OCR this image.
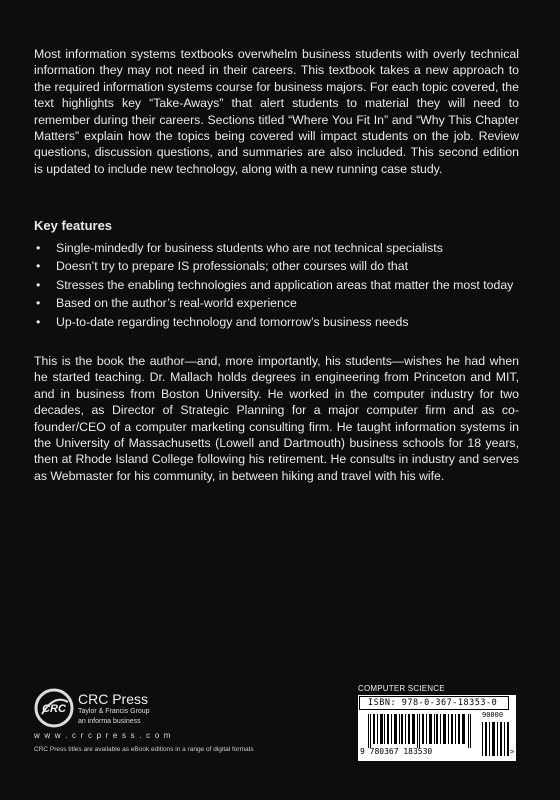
Most information systems textbooks overwhelm business students with overly technical information they may not need in their careers. This textbook takes a new approach to the required information systems course for business majors. For each topic covered, the text highlights key “Take-Aways” that alert students to material they will need to remember during their careers. Sections titled “Where You Fit In” and “Why This Chapter Matters” explain how the topics being covered will impact students on the job. Review questions, discussion questions, and summaries are also included. This second edition is updated to include new technology, along with a new running case study.

Key features
• Single-mindedly for business students who are not technical specialists
• Doesn’t try to prepare IS professionals; other courses will do that
• Stresses the enabling technologies and application areas that matter the most today
• Based on the author’s real-world experience
• Up-to-date regarding technology and tomorrow’s business needs

This is the book the author—and, more importantly, his students—wishes he had when he started teaching. Dr. Mallach holds degrees in engineering from Princeton and MIT, and in business from Boston University. He worked in the computer industry for two decades, as Director of Strategic Planning for a major computer firm and as co-founder/CEO of a computer marketing consulting firm. He taught information systems in the University of Massachusetts (Lowell and Dartmouth) business schools for 18 years, then at Rhode Island College following his retirement. He consults in industry and serves as Webmaster for his community, in between hiking and travel with his wife.

CRC
CRC Press
Taylor & Francis Group
an informa business
w w w . c r c p r e s s . c o m
CRC Press titles are available as eBook editions in a range of digital formats
COMPUTER SCIENCE
ISBN: 978-0-367-18353-0
9 780367 183530
90000
>
